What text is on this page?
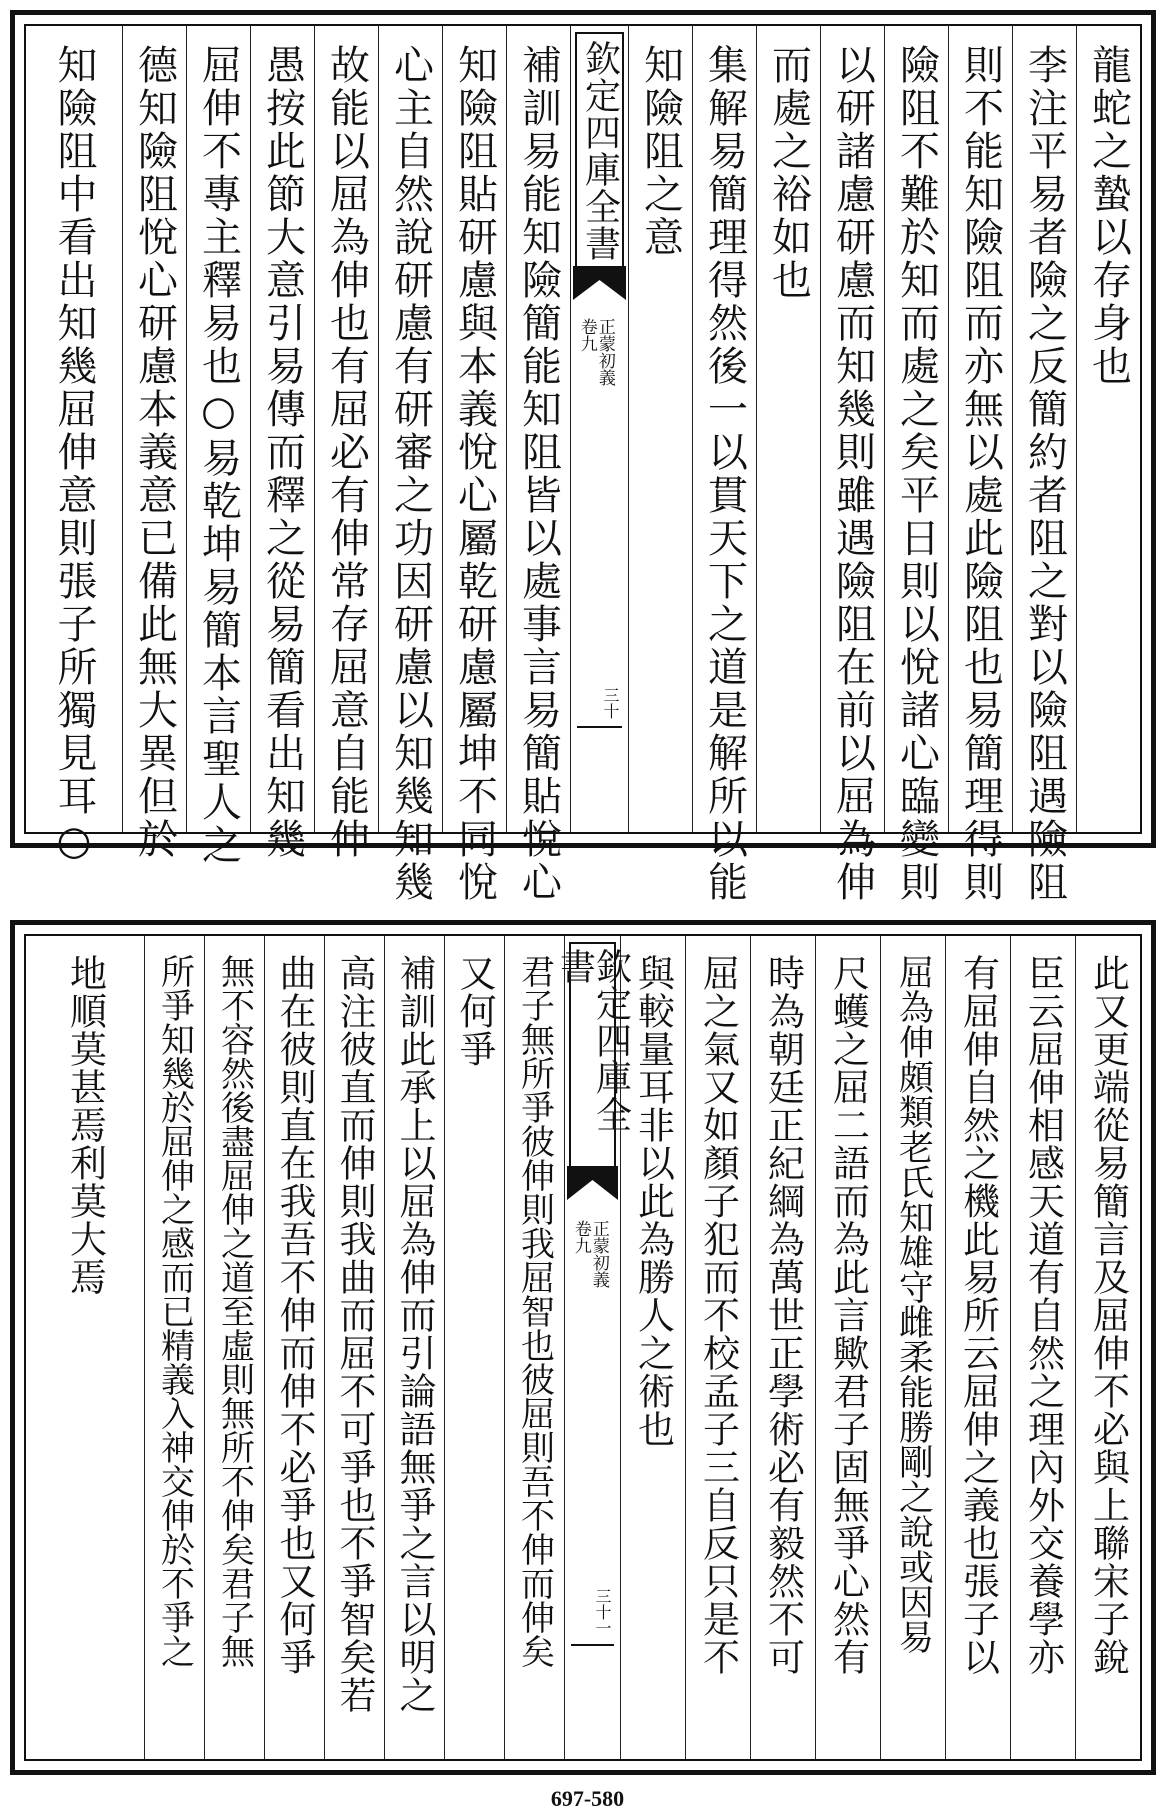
龍蛇之蟄以存身也
李注平易者險之反簡約者阻之對以險阻遇險阻
則不能知險阻而亦無以處此險阻也易簡理得則
險阻不難於知而處之矣平日則以悅諸心臨變則
以研諸慮研慮而知幾則雖遇險阻在前以屈為伸
而處之裕如也
集解易簡理得然後一以貫天下之道是解所以能
知險阻之意
欽定四庫全書
正蒙初義
卷九
三十
補訓易能知險簡能知阻皆以處事言易簡貼悅心
知險阻貼研慮與本義悅心屬乾研慮屬坤不同悅
心主自然說研慮有研審之功因研慮以知幾知幾
故能以屈為伸也有屈必有伸常存屈意自能伸
愚按此節大意引易傳而釋之從易簡看出知幾
屈伸不專主釋易也○易乾坤易簡本言聖人之
德知險阻悅心研慮本義意已備此無大異但於
知險阻中看出知幾屈伸意則張子所獨見耳○
此又更端從易簡言及屈伸不必與上聯宋子銳
臣云屈伸相感天道有自然之理內外交養學亦
有屈伸自然之機此易所云屈伸之義也張子以
屈為伸頗類老氏知雄守雌柔能勝剛之說或因易
尺蠖之屈二語而為此言歟君子固無爭心然有
時為朝廷正紀綱為萬世正學術必有毅然不可
屈之氣又如顏子犯而不校孟子三自反只是不
與較量耳非以此為勝人之術也
欽定四庫全書
正蒙初義
卷九
三十一
君子無所爭彼伸則我屈智也彼屈則吾不伸而伸矣
又何爭
補訓此承上以屈為伸而引論語無爭之言以明之
高注彼直而伸則我曲而屈不可爭也不爭智矣若
曲在彼則直在我吾不伸而伸不必爭也又何爭
無不容然後盡屈伸之道至虛則無所不伸矣君子無
所爭知幾於屈伸之感而已精義入神交伸於不爭之
地順莫甚焉利莫大焉
697-580
